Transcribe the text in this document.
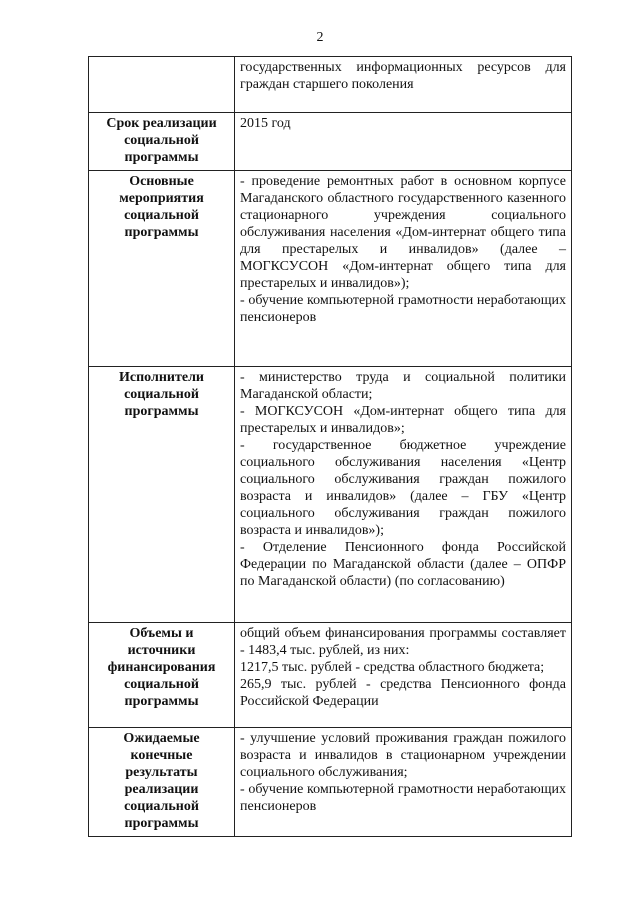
2

	государственных информационных ресурсов для граждан старшего поколения

Срок реализации социальной программы	2015 год

Основные мероприятия социальной программы	- проведение ремонтных работ в основном корпусе Магаданского областного государственного казенного стационарного учреждения социального обслуживания населения «Дом-интернат общего типа для престарелых и инвалидов» (далее – МОГКСУСОН «Дом-интернат общего типа для престарелых и инвалидов»);

- обучение компьютерной грамотности неработающих пенсионеров

Исполнители социальной программы	- министерство труда и социальной политики Магаданской области;

- МОГКСУСОН «Дом-интернат общего типа для престарелых и инвалидов»;

- государственное бюджетное учреждение социального обслуживания населения «Центр социального обслуживания граждан пожилого возраста и инвалидов» (далее – ГБУ «Центр социального обслуживания граждан пожилого возраста и инвалидов»);

- Отделение Пенсионного фонда Российской Федерации по Магаданской области (далее – ОПФР по Магаданской области) (по согласованию)

Объемы и источники финансирования социальной программы	общий объем финансирования программы составляет - 1483,4 тыс. рублей, из них:

1217,5 тыс. рублей - средства областного бюджета;

265,9 тыс. рублей - средства Пенсионного фонда Российской Федерации

Ожидаемые конечные результаты реализации социальной программы	- улучшение условий проживания граждан пожилого возраста и инвалидов в стационарном учреждении социального обслуживания;

- обучение компьютерной грамотности неработающих пенсионеров
